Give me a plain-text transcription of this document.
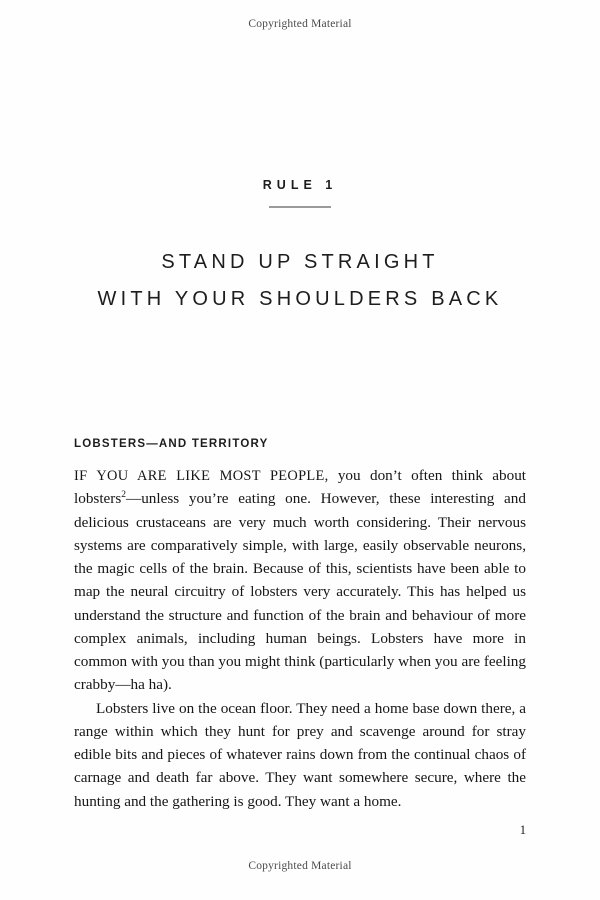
Copyrighted Material
RULE 1
STAND UP STRAIGHT
WITH YOUR SHOULDERS BACK
LOBSTERS—AND TERRITORY

IF YOU ARE LIKE MOST PEOPLE, you don’t often think about lobsters$^2$—unless you’re eating one. However, these interesting and delicious crustaceans are very much worth considering. Their nervous systems are comparatively simple, with large, easily observable neurons, the magic cells of the brain. Because of this, scientists have been able to map the neural circuitry of lobsters very accurately. This has helped us understand the structure and function of the brain and behaviour of more complex animals, including human beings. Lobsters have more in common with you than you might think (particularly when you are feeling crabby—ha ha).

Lobsters live on the ocean floor. They need a home base down there, a range within which they hunt for prey and scavenge around for stray edible bits and pieces of whatever rains down from the continual chaos of carnage and death far above. They want somewhere secure, where the hunting and the gathering is good. They want a home.

1
Copyrighted Material
